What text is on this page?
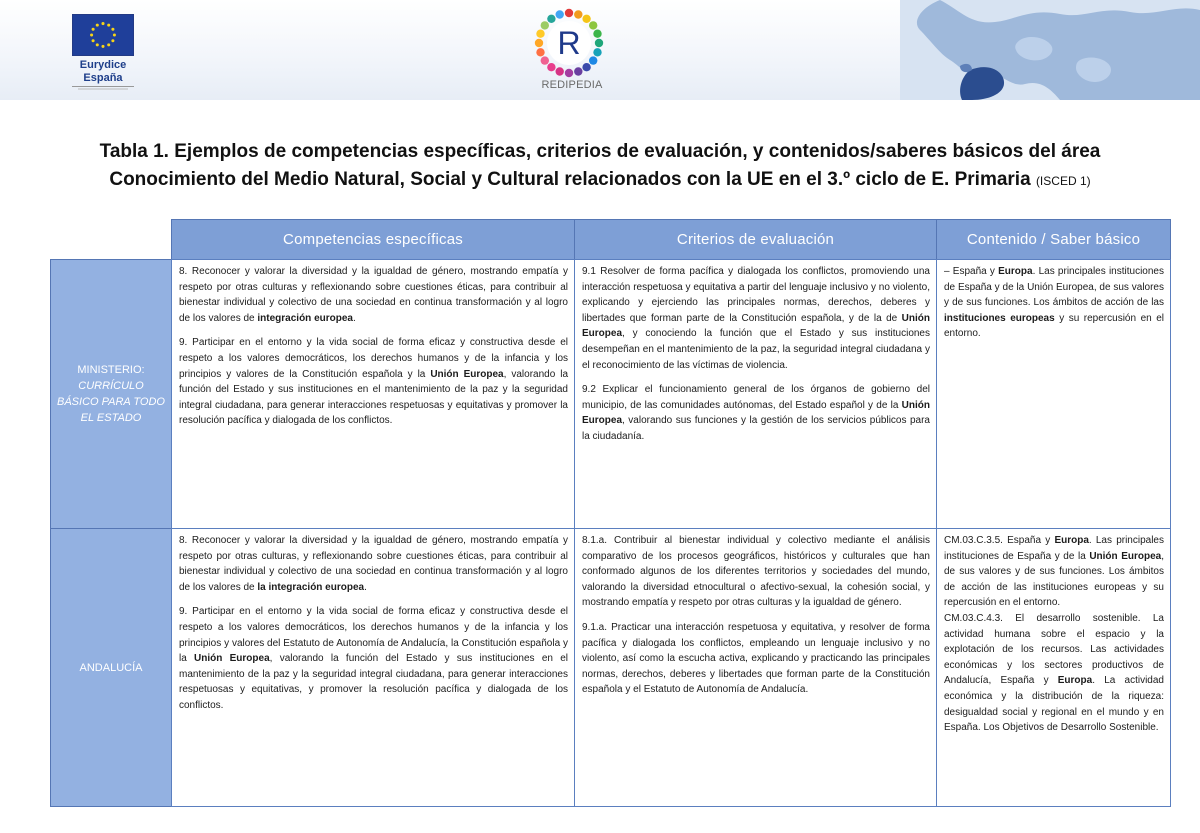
Eurydice
España
R
REDIPEDIA
Tabla 1. Ejemplos de competencias específicas, criterios de evaluación, y contenidos/saberes básicos del área
Conocimiento del Medio Natural, Social y Cultural relacionados con la UE en el 3.º ciclo de E. Primaria (ISCED 1)
Competencias específicas	Criterios de evaluación	Contenido / Saber básico
MINISTERIO:
CURRÍCULO BÁSICO PARA TODO EL ESTADO

8. Reconocer y valorar la diversidad y la igualdad de género, mostrando empatía y respeto por otras culturas y reflexionando sobre cuestiones éticas, para contribuir al bienestar individual y colectivo de una sociedad en continua transformación y al logro de los valores de integración europea.

9. Participar en el entorno y la vida social de forma eficaz y constructiva desde el respeto a los valores democráticos, los derechos humanos y de la infancia y los principios y valores de la Constitución española y la Unión Europea, valorando la función del Estado y sus instituciones en el mantenimiento de la paz y la seguridad integral ciudadana, para generar interacciones respetuosas y equitativas y promover la resolución pacífica y dialogada de los conflictos.

9.1 Resolver de forma pacífica y dialogada los conflictos, promoviendo una interacción respetuosa y equitativa a partir del lenguaje inclusivo y no violento, explicando y ejerciendo las principales normas, derechos, deberes y libertades que forman parte de la Constitución española, y de la de Unión Europea, y conociendo la función que el Estado y sus instituciones desempeñan en el mantenimiento de la paz, la seguridad integral ciudadana y el reconocimiento de las víctimas de violencia.

9.2 Explicar el funcionamiento general de los órganos de gobierno del municipio, de las comunidades autónomas, del Estado español y de la Unión Europea, valorando sus funciones y la gestión de los servicios públicos para la ciudadanía.

– España y Europa. Las principales instituciones de España y de la Unión Europea, de sus valores y de sus funciones. Los ámbitos de acción de las instituciones europeas y su repercusión en el entorno.

ANDALUCÍA

8. Reconocer y valorar la diversidad y la igualdad de género, mostrando empatía y respeto por otras culturas, y reflexionando sobre cuestiones éticas, para contribuir al bienestar individual y colectivo de una sociedad en continua transformación y al logro de los valores de la integración europea.

9. Participar en el entorno y la vida social de forma eficaz y constructiva desde el respeto a los valores democráticos, los derechos humanos y de la infancia y los principios y valores del Estatuto de Autonomía de Andalucía, la Constitución española y la Unión Europea, valorando la función del Estado y sus instituciones en el mantenimiento de la paz y la seguridad integral ciudadana, para generar interacciones respetuosas y equitativas, y promover la resolución pacífica y dialogada de los conflictos.

8.1.a. Contribuir al bienestar individual y colectivo mediante el análisis comparativo de los procesos geográficos, históricos y culturales que han conformado algunos de los diferentes territorios y sociedades del mundo, valorando la diversidad etnocultural o afectivo-sexual, la cohesión social, y mostrando empatía y respeto por otras culturas y la igualdad de género.

9.1.a. Practicar una interacción respetuosa y equitativa, y resolver de forma pacífica y dialogada los conflictos, empleando un lenguaje inclusivo y no violento, así como la escucha activa, explicando y practicando las principales normas, derechos, deberes y libertades que forman parte de la Constitución española y el Estatuto de Autonomía de Andalucía.

CM.03.C.3.5. España y Europa. Las principales instituciones de España y de la Unión Europea, de sus valores y de sus funciones. Los ámbitos de acción de las instituciones europeas y su repercusión en el entorno.

CM.03.C.4.3. El desarrollo sostenible. La actividad humana sobre el espacio y la explotación de los recursos. Las actividades económicas y los sectores productivos de Andalucía, España y Europa. La actividad económica y la distribución de la riqueza: desigualdad social y regional en el mundo y en España. Los Objetivos de Desarrollo Sostenible.
